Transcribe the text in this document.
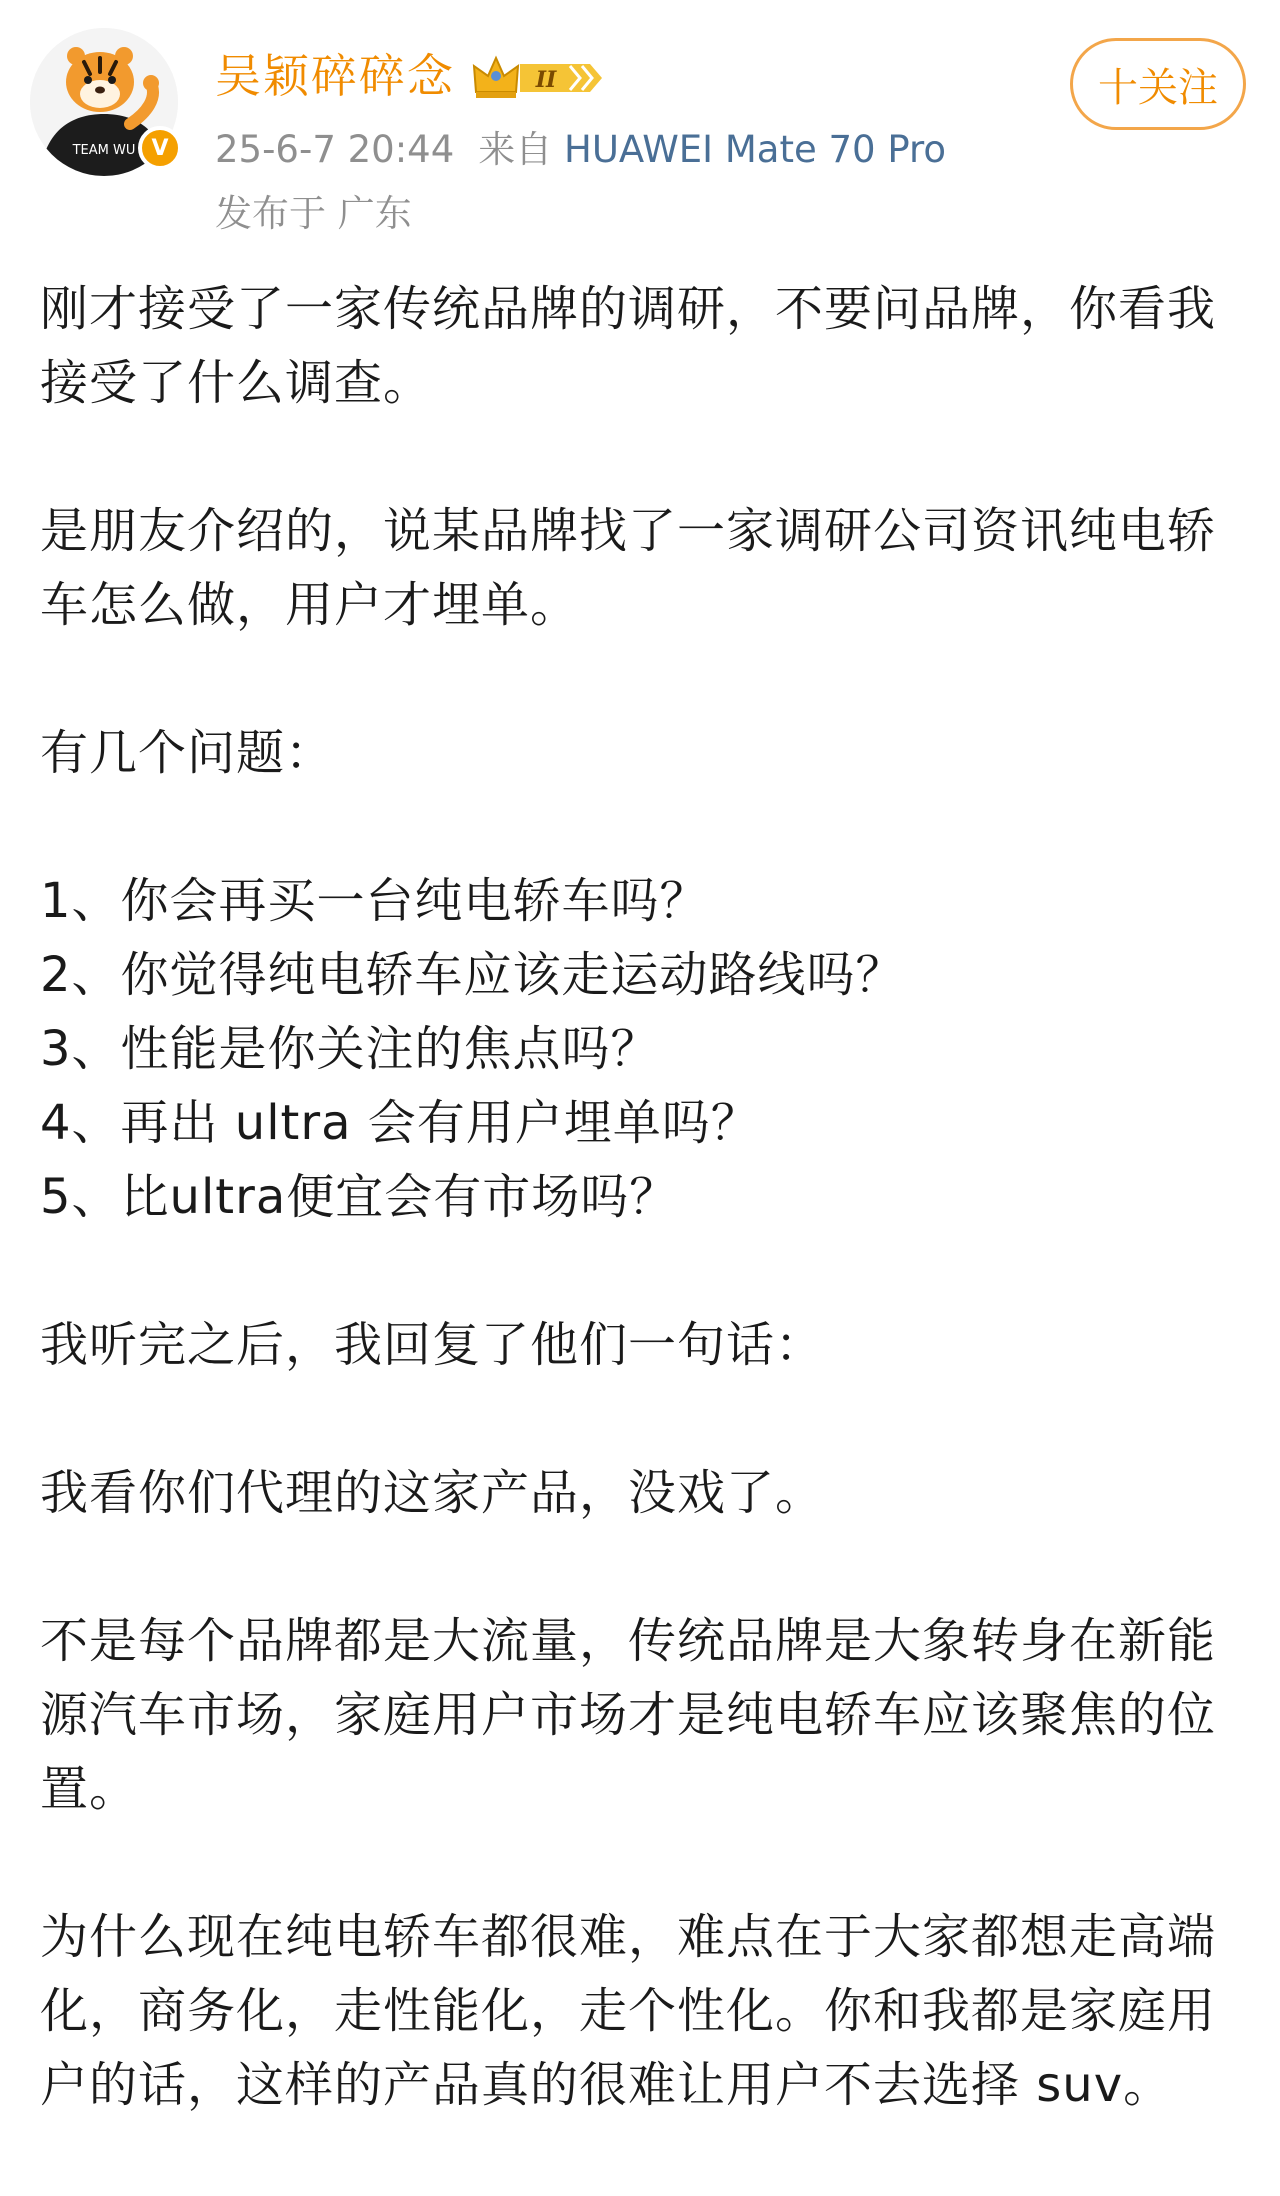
TEAM WU V
吴颖碎碎念	II
25-6-7 20:44 来自 HUAWEI Mate 70 Pro
发布于 广东
十关注
刚才接受了一家传统品牌的调研，不要问品牌，你看我
接受了什么调查。
是朋友介绍的，说某品牌找了一家调研公司资讯纯电轿
车怎么做，用户才埋单。
有几个问题：
1、你会再买一台纯电轿车吗？
2、你觉得纯电轿车应该走运动路线吗？
3、性能是你关注的焦点吗？
4、再出 ultra 会有用户埋单吗？
5、比ultra便宜会有市场吗？
我听完之后，我回复了他们一句话：
我看你们代理的这家产品，没戏了。
不是每个品牌都是大流量，传统品牌是大象转身在新能
源汽车市场，家庭用户市场才是纯电轿车应该聚焦的位
置。
为什么现在纯电轿车都很难，难点在于大家都想走高端
化，商务化，走性能化，走个性化。你和我都是家庭用
户的话，这样的产品真的很难让用户不去选择 suv。
